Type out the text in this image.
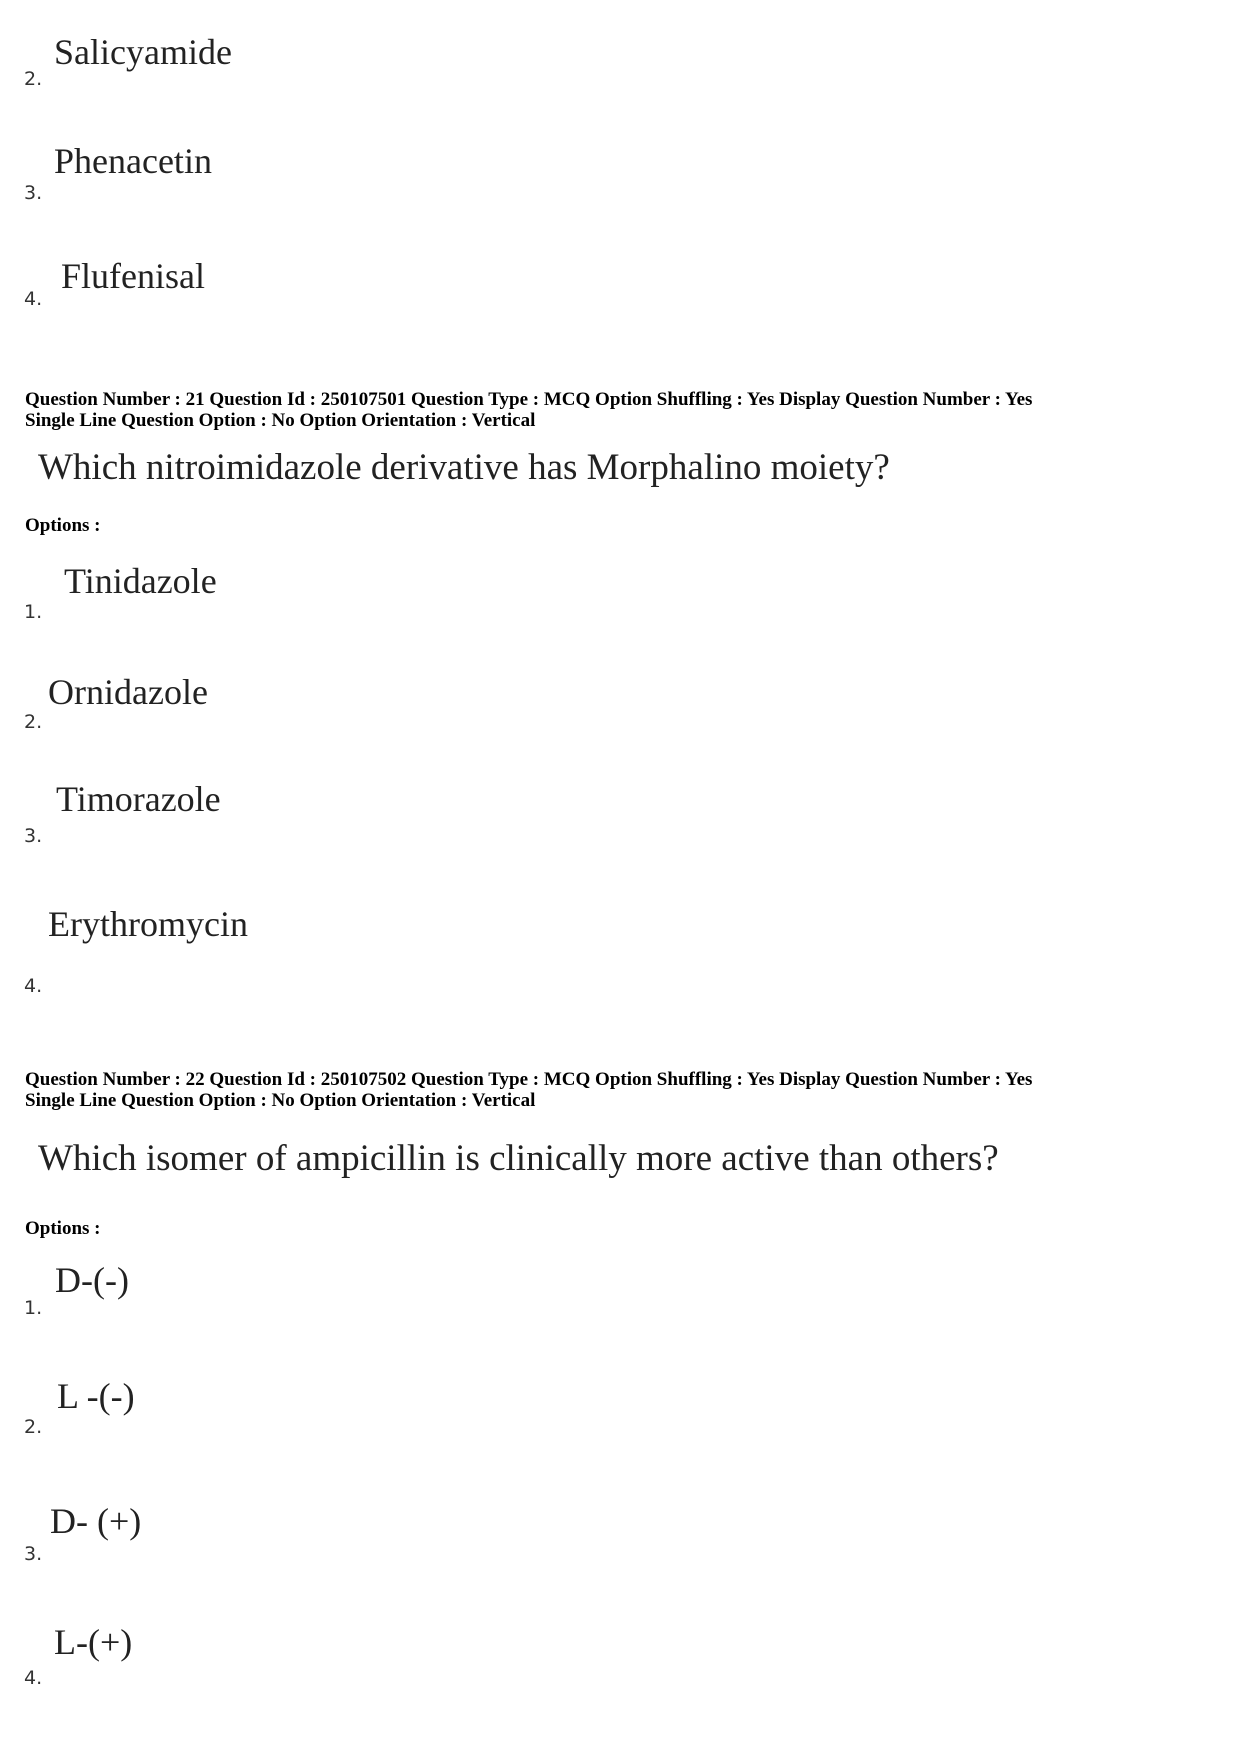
Salicyamide
2.
Phenacetin
3.
Flufenisal
4.
Question Number : 21 Question Id : 250107501 Question Type : MCQ Option Shuffling : Yes Display Question Number : Yes
Single Line Question Option : No Option Orientation : Vertical
Which nitroimidazole derivative has Morphalino moiety?
Options :
Tinidazole
1.
Ornidazole
2.
Timorazole
3.
Erythromycin
4.
Question Number : 22 Question Id : 250107502 Question Type : MCQ Option Shuffling : Yes Display Question Number : Yes
Single Line Question Option : No Option Orientation : Vertical
Which isomer of ampicillin is clinically more active than others?
Options :
D-(-)
1.
L -(-)
2.
D- (+)
3.
L-(+)
4.
